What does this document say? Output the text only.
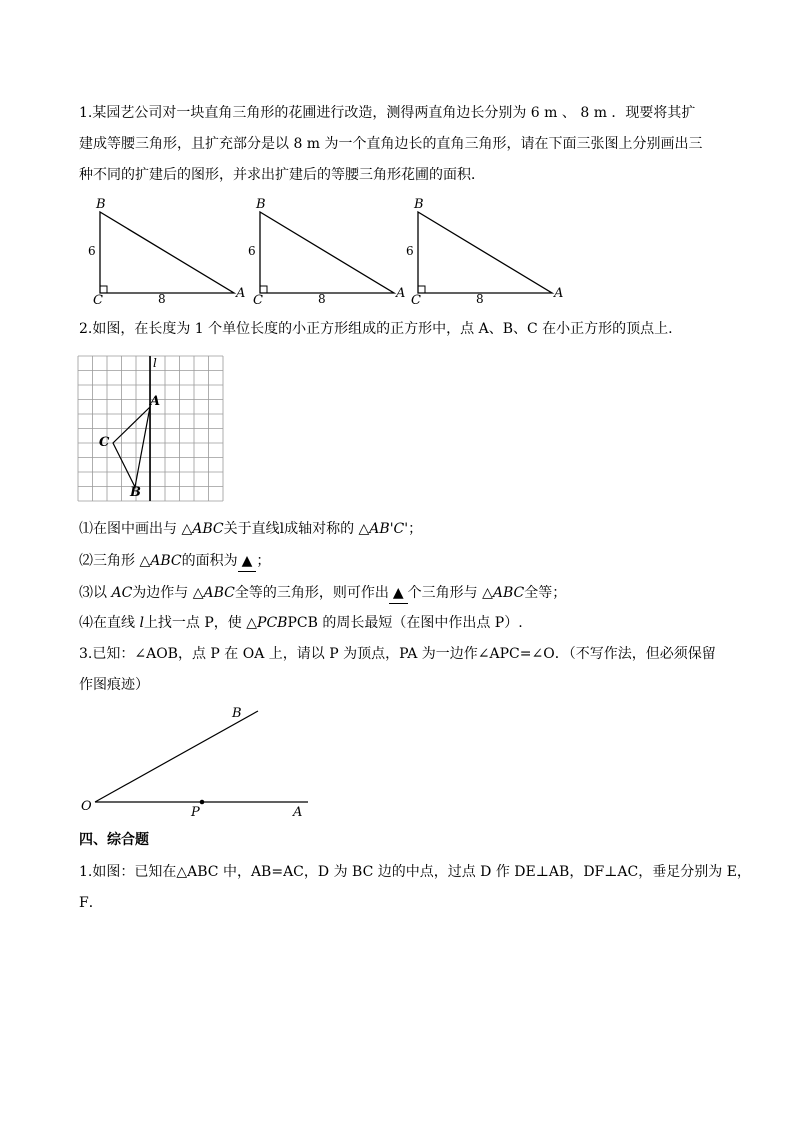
1.某园艺公司对一块直角三角形的花圃进行改造，测得两直角边长分别为 6 m 、 8 m ．现要将其扩
建成等腰三角形，且扩充部分是以 8 m 为一个直角边长的直角三角形，请在下面三张图上分别画出三
种不同的扩建后的图形，并求出扩建后的等腰三角形花圃的面积．
B
C	A
6
8
B
C	A
6
8
B
C	A
6
8
2.如图，在长度为 1 个单位长度的小正方形组成的正方形中，点 A、B、C 在小正方形的顶点上.
l
A
C
B
⑴在图中画出与 △ABC关于直线l成轴对称的 △AB'C'；
⑵三角形 △ABC的面积为 ▲ ；
⑶以 AC为边作与 △ABC全等的三角形，则可作出 ▲ 个三角形与 △ABC全等；
⑷在直线 l上找一点 P，使 △PCBPCB 的周长最短（在图中作出点 P）.
3.已知：∠AOB，点 P 在 OA 上，请以 P 为顶点，PA 为一边作∠APC=∠O．（不写作法，但必须保留
作图痕迹）
O	P	A
B
四、综合题
1.如图：已知在△ABC 中，AB=AC，D 为 BC 边的中点，过点 D 作 DE⊥AB，DF⊥AC，垂足分别为 E，
F．
